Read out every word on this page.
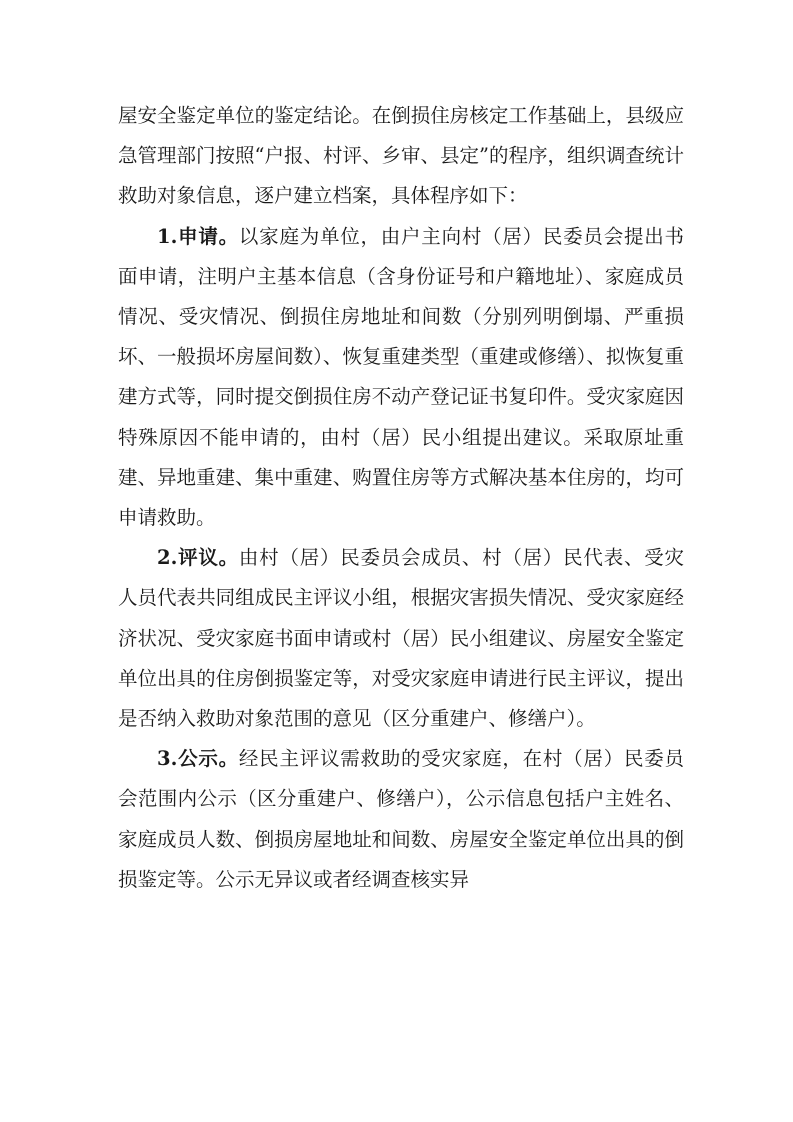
屋安全鉴定单位的鉴定结论。在倒损住房核定工作基础上，县级应急管理部门按照“户报、村评、乡审、县定”的程序，组织调查统计救助对象信息，逐户建立档案，具体程序如下：

1.申请。以家庭为单位，由户主向村（居）民委员会提出书面申请，注明户主基本信息（含身份证号和户籍地址）、家庭成员情况、受灾情况、倒损住房地址和间数（分别列明倒塌、严重损坏、一般损坏房屋间数）、恢复重建类型（重建或修缮）、拟恢复重建方式等，同时提交倒损住房不动产登记证书复印件。受灾家庭因特殊原因不能申请的，由村（居）民小组提出建议。采取原址重建、异地重建、集中重建、购置住房等方式解决基本住房的，均可申请救助。

2.评议。由村（居）民委员会成员、村（居）民代表、受灾人员代表共同组成民主评议小组，根据灾害损失情况、受灾家庭经济状况、受灾家庭书面申请或村（居）民小组建议、房屋安全鉴定单位出具的住房倒损鉴定等，对受灾家庭申请进行民主评议，提出是否纳入救助对象范围的意见（区分重建户、修缮户）。

3.公示。经民主评议需救助的受灾家庭，在村（居）民委员会范围内公示（区分重建户、修缮户），公示信息包括户主姓名、家庭成员人数、倒损房屋地址和间数、房屋安全鉴定单位出具的倒损鉴定等。公示无异议或者经调查核实异
